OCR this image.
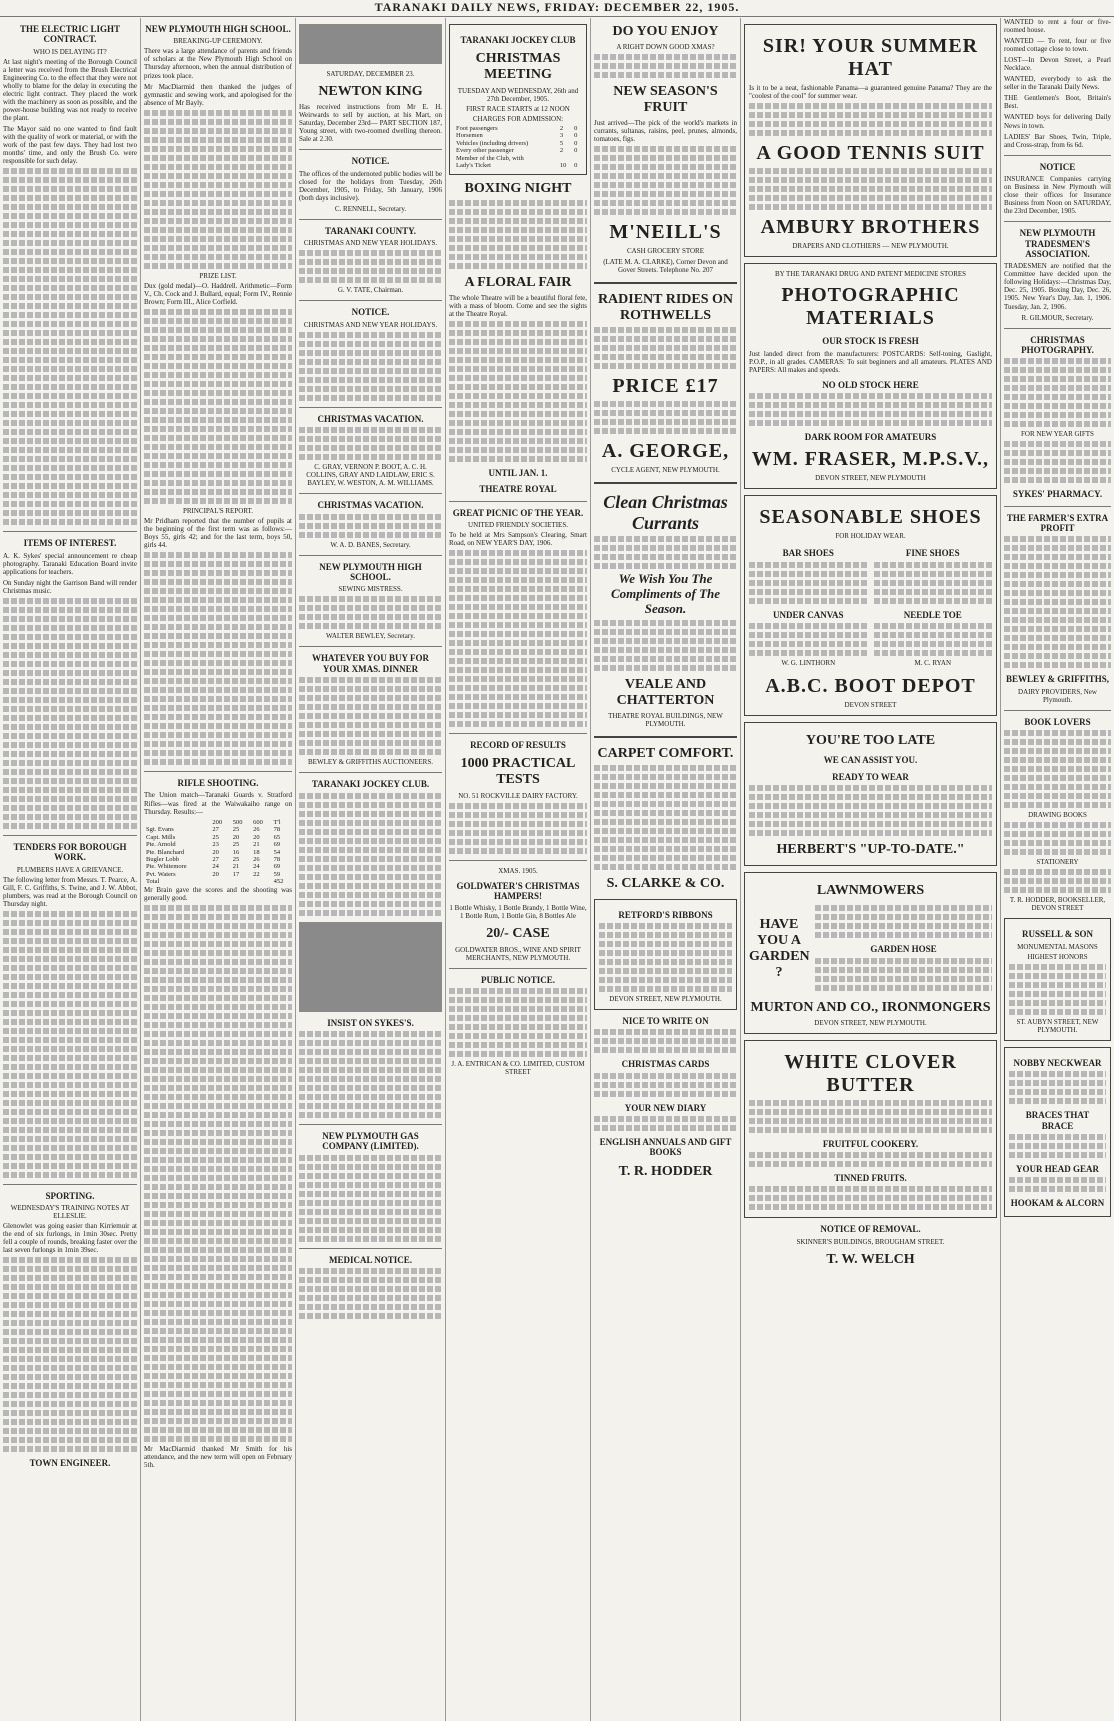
TARANAKI DAILY NEWS, FRIDAY: DECEMBER 22, 1905.
THE ELECTRIC LIGHT CONTRACT.
WHO IS DELAYING IT?
At last night's meeting of the Borough Council a letter was received from the Brush Electrical Engineering Co. to the effect that they were not wholly to blame for the delay in executing the electric light contract. They placed the work with the machinery as soon as possible, and the power-house building was not ready to receive the plant.
The Mayor said no one wanted to find fault with the quality of work or material, or with the work of the past few days. They had lost two months' time, and only the Brush Co. were responsible for such delay.
ITEMS OF INTEREST.
A. K. Sykes' special announcement re cheap photography. Taranaki Education Board invite applications for teachers.
On Sunday night the Garrison Band will render Christmas music.
TENDERS FOR BOROUGH WORK.
PLUMBERS HAVE A GRIEVANCE.
The following letter from Messrs. T. Pearce, A. Gill, F. C. Griffiths, S. Twine, and J. W. Abbot, plumbers, was read at the Borough Council on Thursday night.
SPORTING.
WEDNESDAY'S TRAINING NOTES AT ELLESLIE.
Glenowlet was going easier than Kirriemuir at the end of six furlongs, in 1min 30sec. Pretty fell a couple of rounds, breaking faster over the last seven furlongs in 1min 39sec.
TOWN ENGINEER.
NEW PLYMOUTH HIGH SCHOOL.
BREAKING-UP CEREMONY.
There was a large attendance of parents and friends of scholars at the New Plymouth High School on Thursday afternoon, when the annual distribution of prizes took place.
Mr MacDiarmid then thanked the judges of gymnastic and sewing work, and apologised for the absence of Mr Bayly.
PRIZE LIST.
Dux (gold medal)—O. Haddrell. Arithmetic—Form V., Ch. Cock and J. Bullard, equal; Form IV., Rennie Brown; Form III., Alice Corfield.
PRINCIPAL'S REPORT.
Mr Pridham reported that the number of pupils at the beginning of the first term was as follows:—Boys 55, girls 42; and for the last term, boys 50, girls 44.
RIFLE SHOOTING.
The Union match—Taranaki Guards v. Stratford Rifles—was fired at the Waiwakaiho range on Thursday. Results:—
	200	500	600	T'l
Sgt. Evans	27	25	26	78
Capt. Mills	25	20	20	65
Pte. Arnold	23	25	21	69
Pte. Blanchard	20	16	18	54
Bugler Lobb	27	25	26	78
Pte. Whitemore	24	21	24	69
Pvt. Waters	20	17	22	59
Total				452
Mr Brain gave the scores and the shooting was generally good.
Mr MacDiarmid thanked Mr Smith for his attendance, and the new term will open on February 5th.
SATURDAY, DECEMBER 23.
NEWTON KING
Has received instructions from Mr E. H. Weirwards to sell by auction, at his Mart, on Saturday, December 23rd— PART SECTION 187, Young street, with two-roomed dwelling thereon. Sale at 2.30.
NOTICE.
The offices of the undernoted public bodies will be closed for the holidays from Tuesday, 26th December, 1905, to Friday, 5th January, 1906 (both days inclusive).
C. RENNELL, Secretary.
TARANAKI COUNTY.
CHRISTMAS AND NEW YEAR HOLIDAYS.
G. V. TATE, Chairman.
NOTICE.
CHRISTMAS AND NEW YEAR HOLIDAYS.
CHRISTMAS VACATION.
C. GRAY, VERNON P. BOOT, A. C. H. COLLINS, GRAY AND LAIDLAW, ERIC S. BAYLEY, W. WESTON, A. M. WILLIAMS.
CHRISTMAS VACATION.
W. A. D. BANES, Secretary.
NEW PLYMOUTH HIGH SCHOOL.
SEWING MISTRESS.
WALTER BEWLEY, Secretary.
WHATEVER YOU BUY FOR YOUR XMAS. DINNER
BEWLEY & GRIFFITHS AUCTIONEERS.
TARANAKI JOCKEY CLUB.
INSIST ON SYKES'S.
NEW PLYMOUTH GAS COMPANY (LIMITED).
MEDICAL NOTICE.
TARANAKI JOCKEY CLUB
CHRISTMAS MEETING
TUESDAY AND WEDNESDAY, 26th and 27th December, 1905.
FIRST RACE STARTS at 12 NOON
CHARGES FOR ADMISSION:
Foot passengers	2	0
Horsemen	3	0
Vehicles (including drivers)	5	0
Every other passenger	2	0
Member of the Club, with		
Lady's Ticket	10	0
BOXING NIGHT
A FLORAL FAIR
The whole Theatre will be a beautiful floral fete, with a mass of bloom. Come and see the sights at the Theatre Royal.
UNTIL JAN. 1.
THEATRE ROYAL
GREAT PICNIC OF THE YEAR.
UNITED FRIENDLY SOCIETIES.
To be held at Mrs Sampson's Clearing, Smart Road, on NEW YEAR'S DAY, 1906.
RECORD OF RESULTS
1000 PRACTICAL TESTS
NO. 51 ROCKVILLE DAIRY FACTORY.
XMAS. 1905.
GOLDWATER'S CHRISTMAS HAMPERS!
1 Bottle Whisky, 1 Bottle Brandy, 1 Bottle Wine, 1 Bottle Rum, 1 Bottle Gin, 8 Bottles Ale
20/- CASE
GOLDWATER BROS., WINE AND SPIRIT MERCHANTS, NEW PLYMOUTH.
PUBLIC NOTICE.
J. A. ENTRICAN & CO. LIMITED, CUSTOM STREET
DO YOU ENJOY
A RIGHT DOWN GOOD XMAS?
NEW SEASON'S FRUIT
Just arrived—The pick of the world's markets in currants, sultanas, raisins, peel, prunes, almonds, tomatoes, figs.
M'NEILL'S
CASH GROCERY STORE
(LATE M. A. CLARKE), Corner Devon and Gover Streets. Telephone No. 207
RADIENT RIDES ON ROTHWELLS
PRICE £17
A. GEORGE,
CYCLE AGENT, NEW PLYMOUTH.
Clean Christmas Currants
We Wish You The Compliments of The Season.
VEALE AND CHATTERTON
THEATRE ROYAL BUILDINGS, NEW PLYMOUTH.
CARPET COMFORT.
S. CLARKE & CO.
RETFORD'S RIBBONS
DEVON STREET, NEW PLYMOUTH.
NICE TO WRITE ON
CHRISTMAS CARDS
YOUR NEW DIARY
ENGLISH ANNUALS AND GIFT BOOKS
T. R. HODDER
SIR! YOUR SUMMER HAT
Is it to be a neat, fashionable Panama—a guaranteed genuine Panama? They are the "coolest of the cool" for summer wear.
A GOOD TENNIS SUIT
AMBURY BROTHERS
DRAPERS AND CLOTHIERS — NEW PLYMOUTH.
BY THE TARANAKI DRUG AND PATENT MEDICINE STORES
PHOTOGRAPHIC MATERIALS
OUR STOCK IS FRESH
Just landed direct from the manufacturers: POSTCARDS: Self-toning, Gaslight, P.O.P., in all grades. CAMERAS: To suit beginners and all amateurs. PLATES AND PAPERS: All makes and speeds.
NO OLD STOCK HERE
DARK ROOM FOR AMATEURS
WM. FRASER, M.P.S.V.,
DEVON STREET, NEW PLYMOUTH
SEASONABLE SHOES
FOR HOLIDAY WEAR.
BAR SHOES
UNDER CANVAS
W. G. LINTHORN
FINE SHOES
NEEDLE TOE
M. C. RYAN
A.B.C. BOOT DEPOT
DEVON STREET
YOU'RE TOO LATE
WE CAN ASSIST YOU.
READY TO WEAR
HERBERT'S "UP-TO-DATE."
LAWNMOWERS
HAVE YOU A GARDEN ?
GARDEN HOSE
MURTON AND CO., IRONMONGERS
DEVON STREET, NEW PLYMOUTH.
WHITE CLOVER BUTTER
FRUITFUL COOKERY.
TINNED FRUITS.
NOTICE OF REMOVAL.
SKINNER'S BUILDINGS, BROUGHAM STREET.
T. W. WELCH
WANTED to rent a four or five-roomed house.
WANTED — To rent, four or five roomed cottage close to town.
LOST—In Devon Street, a Pearl Necklace.
WANTED, everybody to ask the seller in the Taranaki Daily News.
THE Gentlemen's Boot, Britain's Best.
WANTED boys for delivering Daily News in town.
LADIES' Bar Shoes, Twin, Triple, and Cross-strap, from 6s 6d.
NOTICE
INSURANCE Companies carrying on Business in New Plymouth will close their offices for Insurance Business from Noon on SATURDAY, the 23rd December, 1905.
NEW PLYMOUTH TRADESMEN'S ASSOCIATION.
TRADESMEN are notified that the Committee have decided upon the following Holidays:—Christmas Day, Dec. 25, 1905. Boxing Day, Dec. 26, 1905. New Year's Day, Jan. 1, 1906. Tuesday, Jan. 2, 1906.
R. GILMOUR, Secretary.
CHRISTMAS PHOTOGRAPHY.
FOR NEW YEAR GIFTS
SYKES' PHARMACY.
THE FARMER'S EXTRA PROFIT
BEWLEY & GRIFFITHS,
DAIRY PROVIDERS, New Plymouth.
BOOK LOVERS
DRAWING BOOKS
STATIONERY
T. R. HODDER, BOOKSELLER, DEVON STREET
RUSSELL & SON
MONUMENTAL MASONS
HIGHEST HONORS
ST. AUBYN STREET, NEW PLYMOUTH.
NOBBY NECKWEAR
BRACES THAT BRACE
YOUR HEAD GEAR
HOOKAM & ALCORN
